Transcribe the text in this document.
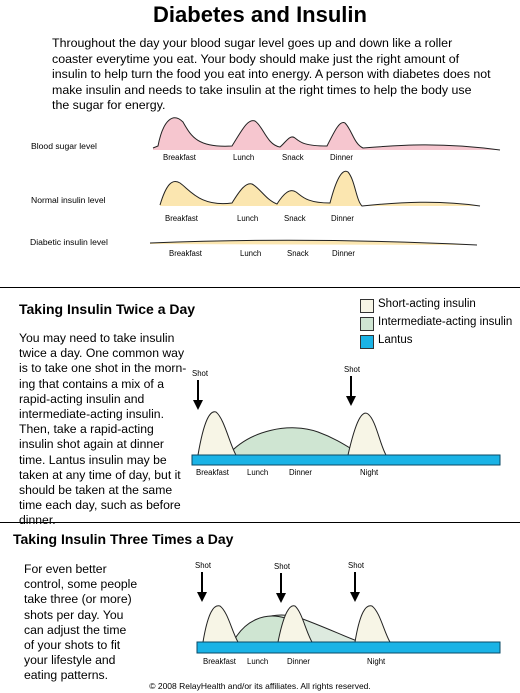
Diabetes and Insulin
Throughout the day your blood sugar level goes up and down like a roller coaster everytime you eat. Your body should make just the right amount of insulin to help turn the food you eat into energy. A person with diabetes does not make insulin and needs to take insulin at the right times to help the body use the sugar for energy.
Blood sugar level
Normal insulin level
Diabetic insulin level
Breakfast	Lunch	Snack	Dinner
Breakfast	Lunch	Snack	Dinner
Breakfast	Lunch	Snack	Dinner
Taking Insulin Twice a Day
You may need to take insulin
twice a day. One common way
is to take one shot in the morn-
ing that contains a mix of a
rapid-acting insulin and
intermediate-acting insulin.
Then, take a rapid-acting
insulin shot again at dinner
time. Lantus insulin may be
taken at any time of day, but it
should be taken at the same
time each day, such as before
dinner.
Short-acting insulin
Intermediate-acting insulin
Lantus
Shot	Shot
Breakfast Lunch	Dinner	Night
Taking Insulin Three Times a Day
For even better
control, some people
take three (or more)
shots per day. You
can adjust the time
of your shots to fit
your lifestyle and
eating patterns.
Shot	Shot	Shot
Breakfast Lunch Dinner	Night
© 2008 RelayHealth and/or its affiliates. All rights reserved.
